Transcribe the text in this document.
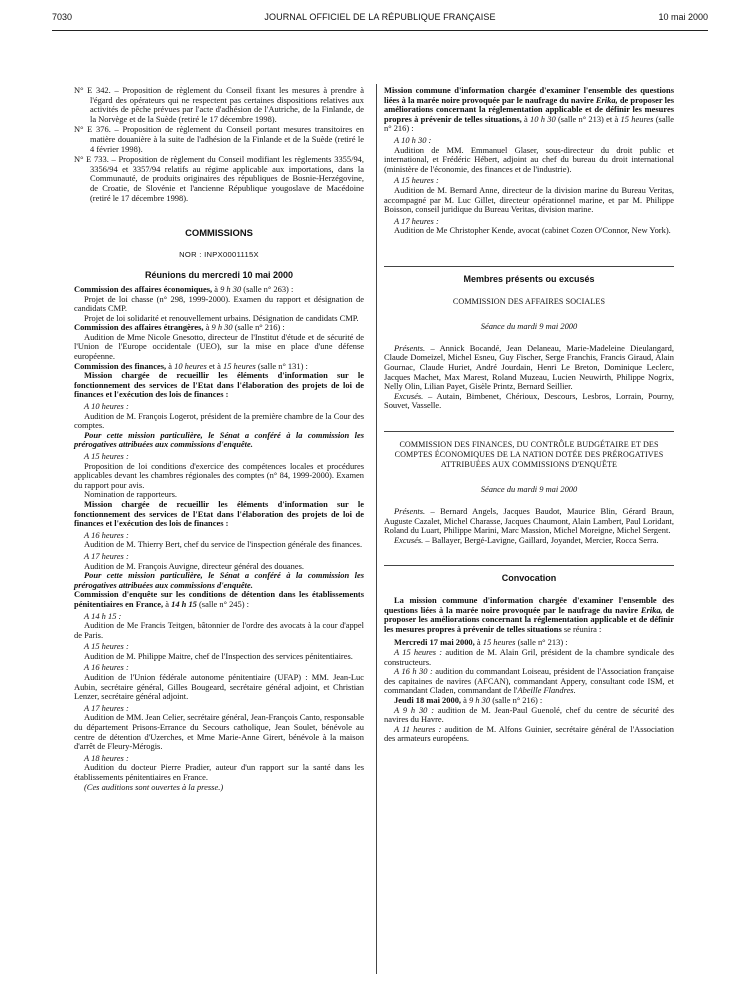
7030	JOURNAL OFFICIEL DE LA RÉPUBLIQUE FRANÇAISE	10 mai 2000

N° E 342. – Proposition de règlement du Conseil fixant les mesures à prendre à l'égard des opérateurs qui ne respectent pas certaines dispositions relatives aux activités de pêche prévues par l'acte d'adhésion de l'Autriche, de la Finlande, de la Norvège et de la Suède (retiré le 17 décembre 1998).

N° E 376. – Proposition de règlement du Conseil portant mesures transitoires en matière douanière à la suite de l'adhésion de la Finlande et de la Suède (retiré le 4 février 1998).

N° E 733. – Proposition de règlement du Conseil modifiant les règlements 3355/94, 3356/94 et 3357/94 relatifs au régime applicable aux importations, dans la Communauté, de produits originaires des républiques de Bosnie-Herzégovine, de Croatie, de Slovénie et l'ancienne République yougoslave de Macédoine (retiré le 17 décembre 1998).

COMMISSIONS

NOR : INPX0001115X

Réunions du mercredi 10 mai 2000

Commission des affaires économiques, à 9 h 30 (salle n° 263) :

Projet de loi chasse (n° 298, 1999-2000). Examen du rapport et désignation de candidats CMP.

Projet de loi solidarité et renouvellement urbains. Désignation de candidats CMP.

Commission des affaires étrangères, à 9 h 30 (salle n° 216) :

Audition de Mme Nicole Gnesotto, directeur de l'Institut d'étude et de sécurité de l'Union de l'Europe occidentale (UEO), sur la mise en place d'une défense européenne.

Commission des finances, à 10 heures et à 15 heures (salle n° 131) :

Mission chargée de recueillir les éléments d'information sur le fonctionnement des services de l'Etat dans l'élaboration des projets de loi de finances et l'exécution des lois de finances :

A 10 heures :

Audition de M. François Logerot, président de la première chambre de la Cour des comptes.

Pour cette mission particulière, le Sénat a conféré à la commission les prérogatives attribuées aux commissions d'enquête.

A 15 heures :

Proposition de loi conditions d'exercice des compétences locales et procédures applicables devant les chambres régionales des comptes (n° 84, 1999-2000). Examen du rapport pour avis.

Nomination de rapporteurs.

Mission chargée de recueillir les éléments d'information sur le fonctionnement des services de l'Etat dans l'élaboration des projets de loi de finances et l'exécution des lois de finances :

A 16 heures :

Audition de M. Thierry Bert, chef du service de l'inspection générale des finances.

A 17 heures :

Audition de M. François Auvigne, directeur général des douanes.

Pour cette mission particulière, le Sénat a conféré à la commission les prérogatives attribuées aux commissions d'enquête.

Commission d'enquête sur les conditions de détention dans les établissements pénitentiaires en France, à 14 h 15 (salle n° 245) :

A 14 h 15 :

Audition de Me Francis Teitgen, bâtonnier de l'ordre des avocats à la cour d'appel de Paris.

A 15 heures :

Audition de M. Philippe Maitre, chef de l'Inspection des services pénitentiaires.

A 16 heures :

Audition de l'Union fédérale autonome pénitentiaire (UFAP) : MM. Jean-Luc Aubin, secrétaire général, Gilles Bougeard, secrétaire général adjoint, et Christian Lenzer, secrétaire général adjoint.

A 17 heures :

Audition de MM. Jean Celier, secrétaire général, Jean-François Canto, responsable du département Prisons-Errance du Secours catholique, Jean Soulet, bénévole au centre de détention d'Uzerches, et Mme Marie-Anne Girert, bénévole à la maison d'arrêt de Fleury-Mérogis.

A 18 heures :

Audition du docteur Pierre Pradier, auteur d'un rapport sur la santé dans les établissements pénitentiaires en France.

(Ces auditions sont ouvertes à la presse.)

Mission commune d'information chargée d'examiner l'ensemble des questions liées à la marée noire provoquée par le naufrage du navire Erika, de proposer les améliorations concernant la réglementation applicable et de définir les mesures propres à prévenir de telles situations, à 10 h 30 (salle n° 213) et à 15 heures (salle n° 216) :

A 10 h 30 :

Audition de MM. Emmanuel Glaser, sous-directeur du droit public et international, et Frédéric Hébert, adjoint au chef du bureau du droit international (ministère de l'économie, des finances et de l'industrie).

A 15 heures :

Audition de M. Bernard Anne, directeur de la division marine du Bureau Veritas, accompagné par M. Luc Gillet, directeur opérationnel marine, et par M. Philippe Boisson, conseil juridique du Bureau Veritas, division marine.

A 17 heures :

Audition de Me Christopher Kende, avocat (cabinet Cozen O'Connor, New York).

Membres présents ou excusés

COMMISSION DES AFFAIRES SOCIALES

Séance du mardi 9 mai 2000

Présents. – Annick Bocandé, Jean Delaneau, Marie-Madeleine Dieulangard, Claude Domeizel, Michel Esneu, Guy Fischer, Serge Franchis, Francis Giraud, Alain Gournac, Claude Huriet, André Jourdain, Henri Le Breton, Dominique Leclerc, Jacques Machet, Max Marest, Roland Muzeau, Lucien Neuwirth, Philippe Nogrix, Nelly Olin, Lilian Payet, Gisèle Printz, Bernard Seillier.

Excusés. – Autain, Bimbenet, Chérioux, Descours, Lesbros, Lorrain, Pourny, Souvet, Vasselle.

COMMISSION DES FINANCES, DU CONTRÔLE BUDGÉTAIRE ET DES COMPTES ÉCONOMIQUES DE LA NATION DOTÉE DES PRÉROGATIVES ATTRIBUÉES AUX COMMISSIONS D'ENQUÊTE

Séance du mardi 9 mai 2000

Présents. – Bernard Angels, Jacques Baudot, Maurice Blin, Gérard Braun, Auguste Cazalet, Michel Charasse, Jacques Chaumont, Alain Lambert, Paul Loridant, Roland du Luart, Philippe Marini, Marc Massion, Michel Moreigne, Michel Sergent.

Excusés. – Ballayer, Bergé-Lavigne, Gaillard, Joyandet, Mercier, Rocca Serra.

Convocation

La mission commune d'information chargée d'examiner l'ensemble des questions liées à la marée noire provoquée par le naufrage du navire Erika, de proposer les améliorations concernant la réglementation applicable et de définir les mesures propres à prévenir de telles situations se réunira :

Mercredi 17 mai 2000, à 15 heures (salle n° 213) :

A 15 heures : audition de M. Alain Gril, président de la chambre syndicale des constructeurs.

A 16 h 30 : audition du commandant Loiseau, président de l'Association française des capitaines de navires (AFCAN), commandant Appery, consultant code ISM, et commandant Claden, commandant de l'Abeille Flandres.

Jeudi 18 mai 2000, à 9 h 30 (salle n° 216) :

A 9 h 30 : audition de M. Jean-Paul Guenolé, chef du centre de sécurité des navires du Havre.

A 11 heures : audition de M. Alfons Guinier, secrétaire général de l'Association des armateurs européens.
